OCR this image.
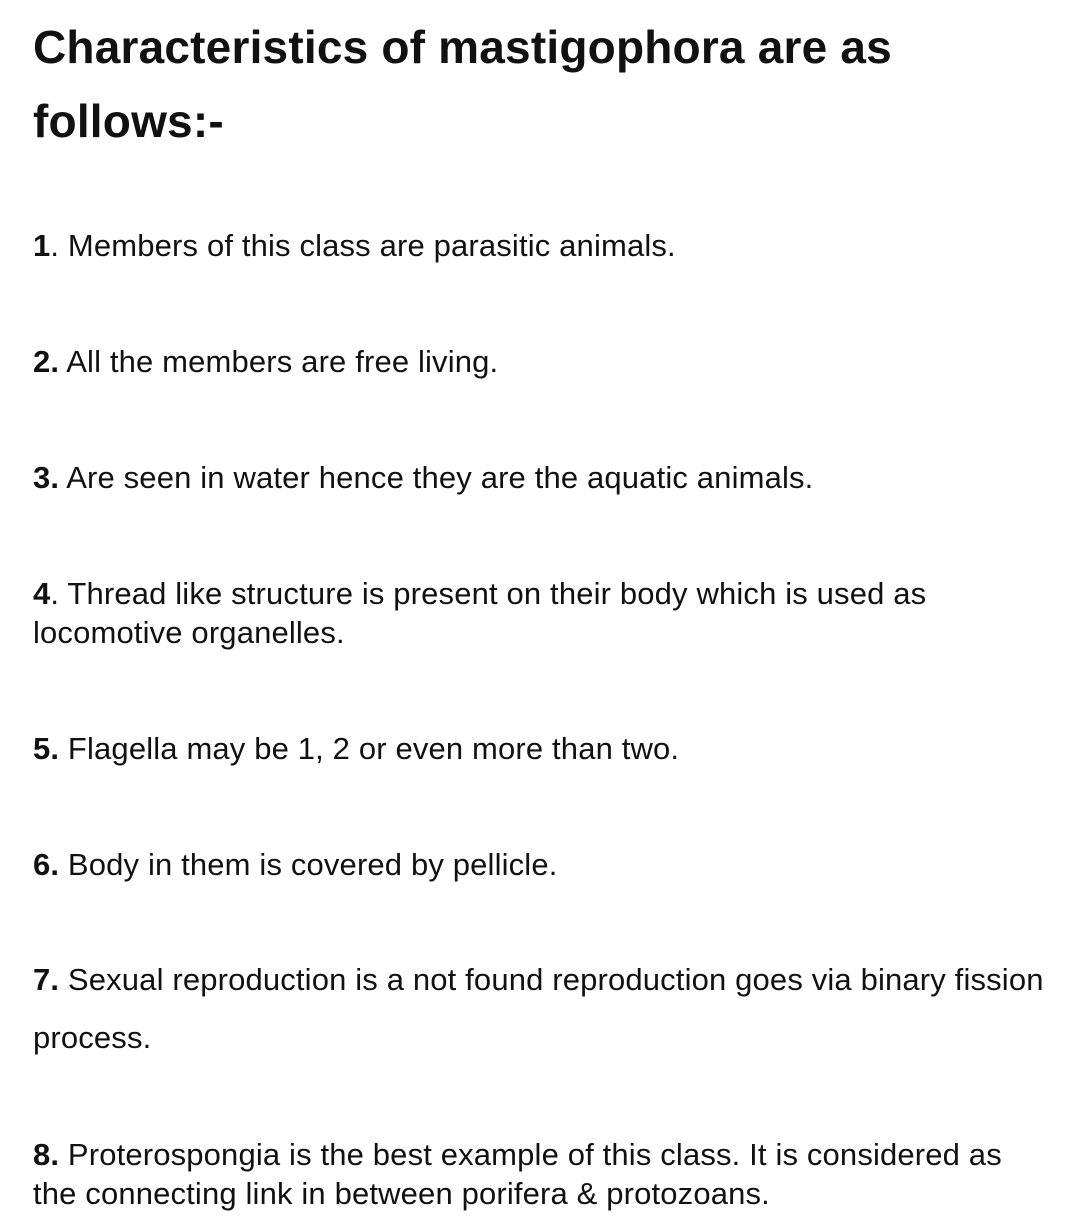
Characteristics of mastigophora are as follows:-

1. Members of this class are parasitic animals.

2. All the members are free living.

3. Are seen in water hence they are the aquatic animals.

4. Thread like structure is present on their body which is used as locomotive organelles.

5. Flagella may be 1, 2 or even more than two.

6. Body in them is covered by pellicle.

7. Sexual reproduction is a not found reproduction goes via binary fission process.

8. Proterospongia is the best example of this class. It is considered as the connecting link in between porifera & protozoans.
